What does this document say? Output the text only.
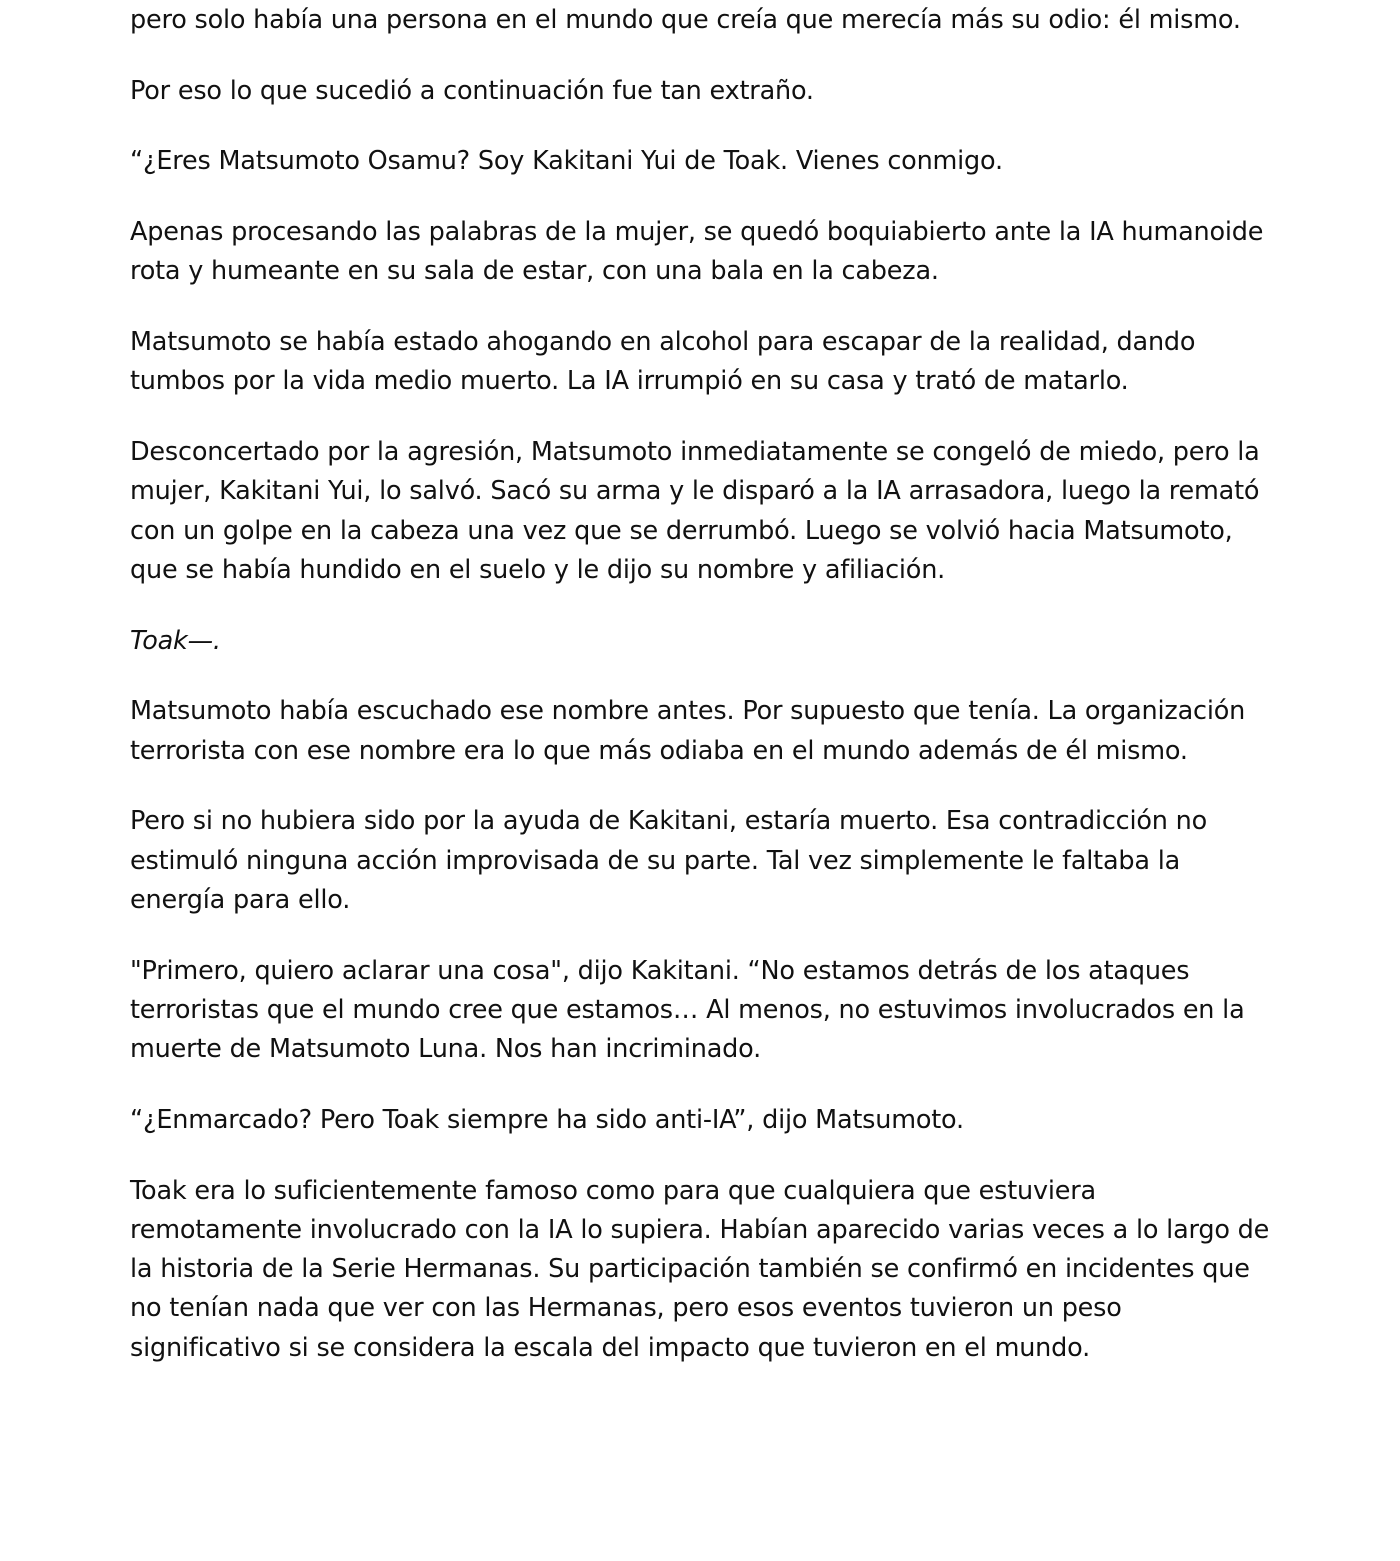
pero solo había una persona en el mundo que creía que merecía más su odio: él mismo.

Por eso lo que sucedió a continuación fue tan extraño.

“¿Eres Matsumoto Osamu? Soy Kakitani Yui de Toak. Vienes conmigo.

Apenas procesando las palabras de la mujer, se quedó boquiabierto ante la IA humanoide rota y humeante en su sala de estar, con una bala en la cabeza.

Matsumoto se había estado ahogando en alcohol para escapar de la realidad, dando tumbos por la vida medio muerto. La IA irrumpió en su casa y trató de matarlo.

Desconcertado por la agresión, Matsumoto inmediatamente se congeló de miedo, pero la mujer, Kakitani Yui, lo salvó. Sacó su arma y le disparó a la IA arrasadora, luego la remató con un golpe en la cabeza una vez que se derrumbó. Luego se volvió hacia Matsumoto, que se había hundido en el suelo y le dijo su nombre y afiliación.

Toak—.

Matsumoto había escuchado ese nombre antes. Por supuesto que tenía. La organización terrorista con ese nombre era lo que más odiaba en el mundo además de él mismo.

Pero si no hubiera sido por la ayuda de Kakitani, estaría muerto. Esa contradicción no estimuló ninguna acción improvisada de su parte. Tal vez simplemente le faltaba la energía para ello.

"Primero, quiero aclarar una cosa", dijo Kakitani. “No estamos detrás de los ataques terroristas que el mundo cree que estamos… Al menos, no estuvimos involucrados en la muerte de Matsumoto Luna. Nos han incriminado.

“¿Enmarcado? Pero Toak siempre ha sido anti-IA”, dijo Matsumoto.

Toak era lo suficientemente famoso como para que cualquiera que estuviera remotamente involucrado con la IA lo supiera. Habían aparecido varias veces a lo largo de la historia de la Serie Hermanas. Su participación también se confirmó en incidentes que no tenían nada que ver con las Hermanas, pero esos eventos tuvieron un peso significativo si se considera la escala del impacto que tuvieron en el mundo.
